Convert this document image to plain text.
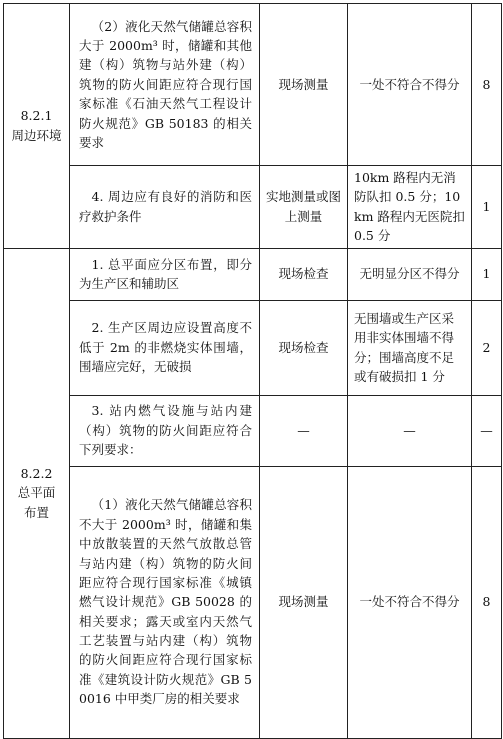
8.2.1
周边环境	（2）液化天然气储罐总容积大于 2000m³ 时，储罐和其他建（构）筑物与站外建（构）筑物的防火间距应符合现行国家标准《石油天然气工程设计防火规范》GB 50183 的相关要求	现场测量	一处不符合不得分	8
	4. 周边应有良好的消防和医疗救护条件	实地测量或图上测量	10km 路程内无消防队扣 0.5 分；10km 路程内无医院扣 0.5 分	1

8.2.2
总平面
布置	1. 总平面应分区布置，即分为生产区和辅助区	现场检查	无明显分区不得分	1
	2. 生产区周边应设置高度不低于 2m 的非燃烧实体围墙，围墙应完好，无破损	现场检查	无围墙或生产区采用非实体围墙不得分；围墙高度不足或有破损扣 1 分	2
	3. 站内燃气设施与站内建（构）筑物的防火间距应符合下列要求：	—	—	—
	（1）液化天然气储罐总容积不大于 2000m³ 时，储罐和集中放散装置的天然气放散总管与站内建（构）筑物的防火间距应符合现行国家标准《城镇燃气设计规范》GB 50028 的相关要求；露天或室内天然气工艺装置与站内建（构）筑物的防火间距应符合现行国家标准《建筑设计防火规范》GB 50016 中甲类厂房的相关要求	现场测量	一处不符合不得分	8
